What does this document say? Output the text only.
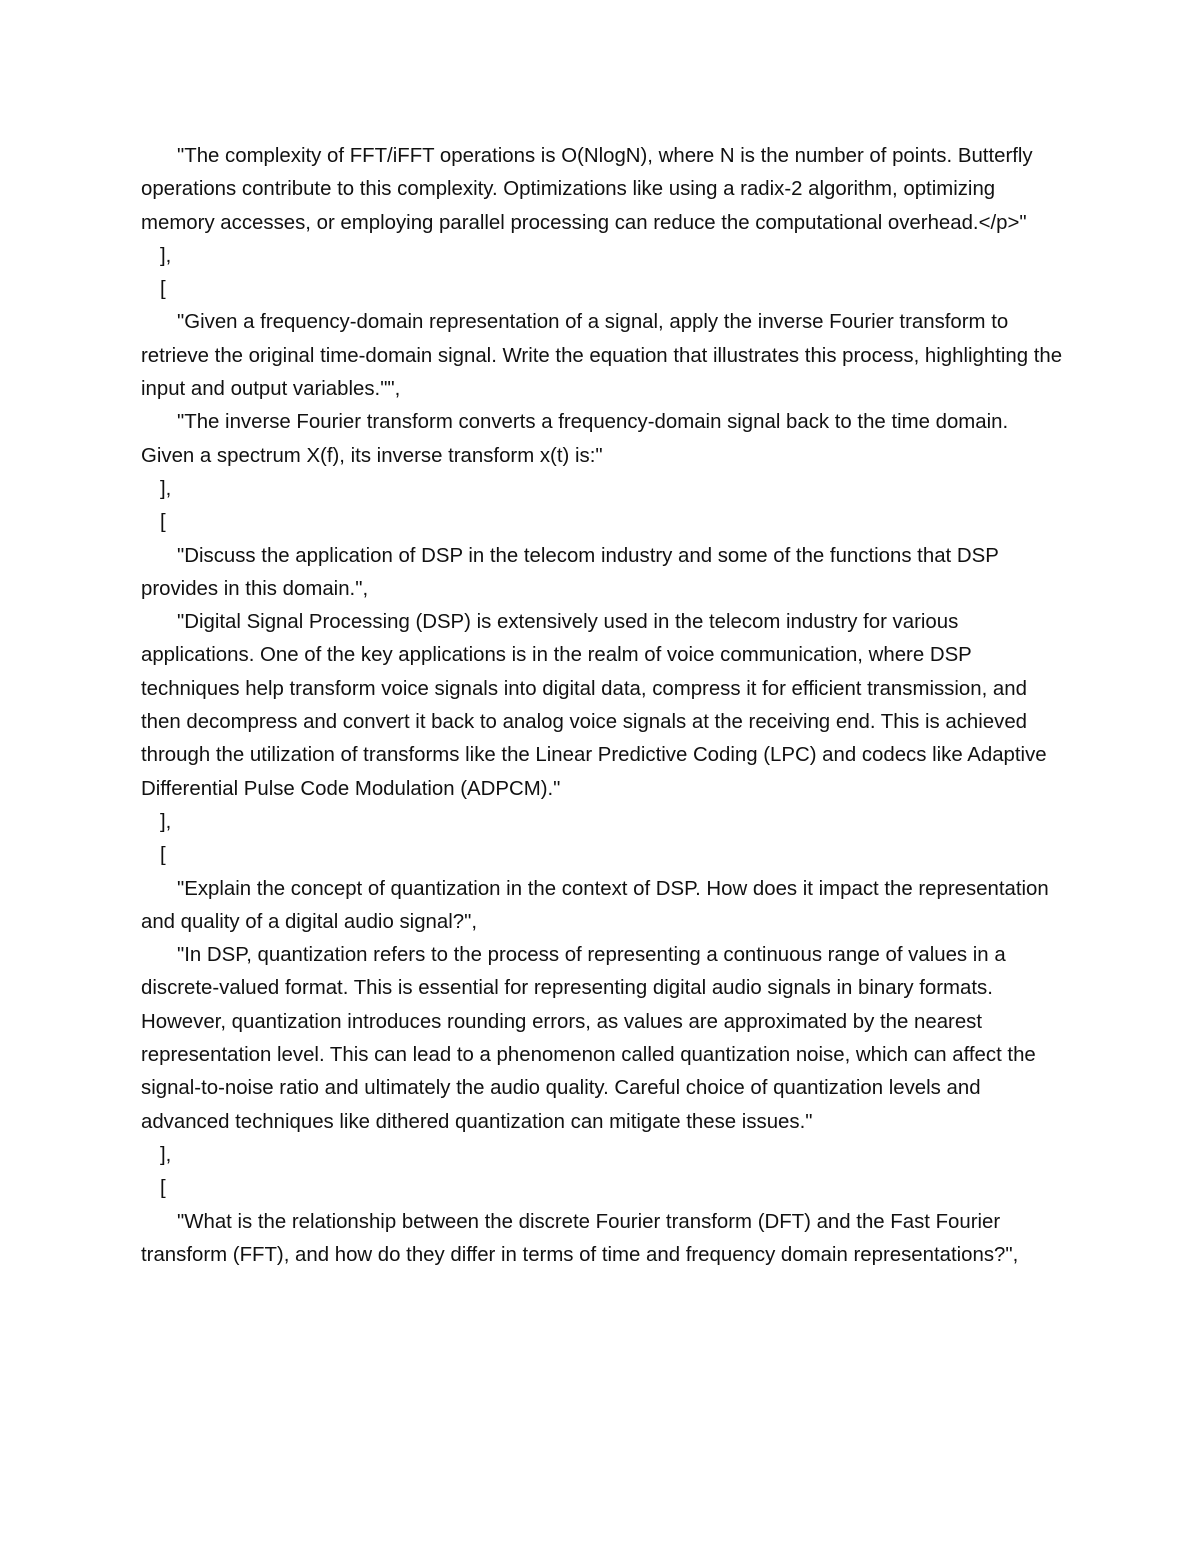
"The complexity of FFT/iFFT operations is O(NlogN), where N is the number of points. Butterfly operations contribute to this complexity. Optimizations like using a radix-2 algorithm, optimizing memory accesses, or employing parallel processing can reduce the computational overhead.</p>"

],

[

"Given a frequency-domain representation of a signal, apply the inverse Fourier transform to retrieve the original time-domain signal. Write the equation that illustrates this process, highlighting the input and output variables."",

"The inverse Fourier transform converts a frequency-domain signal back to the time domain. Given a spectrum X(f), its inverse transform x(t) is:"

],

[

"Discuss the application of DSP in the telecom industry and some of the functions that DSP provides in this domain.",

"Digital Signal Processing (DSP) is extensively used in the telecom industry for various applications. One of the key applications is in the realm of voice communication, where DSP techniques help transform voice signals into digital data, compress it for efficient transmission, and then decompress and convert it back to analog voice signals at the receiving end. This is achieved through the utilization of transforms like the Linear Predictive Coding (LPC) and codecs like Adaptive Differential Pulse Code Modulation (ADPCM)."

],

[

"Explain the concept of quantization in the context of DSP. How does it impact the representation and quality of a digital audio signal?",

"In DSP, quantization refers to the process of representing a continuous range of values in a discrete-valued format. This is essential for representing digital audio signals in binary formats. However, quantization introduces rounding errors, as values are approximated by the nearest representation level. This can lead to a phenomenon called quantization noise, which can affect the signal-to-noise ratio and ultimately the audio quality. Careful choice of quantization levels and advanced techniques like dithered quantization can mitigate these issues."

],

[

"What is the relationship between the discrete Fourier transform (DFT) and the Fast Fourier transform (FFT), and how do they differ in terms of time and frequency domain representations?",
